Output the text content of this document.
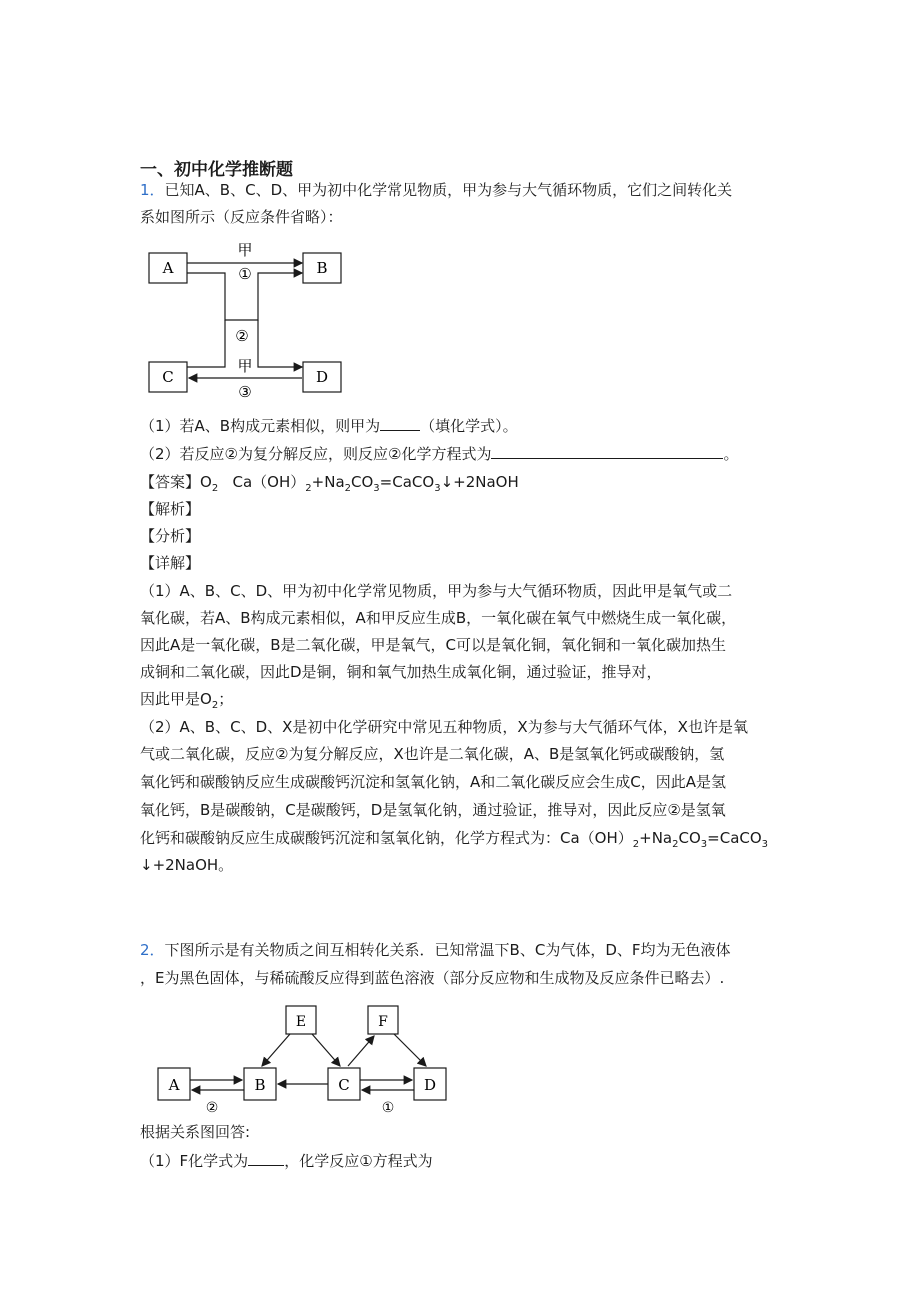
一、初中化学推断题
1．已知A、B、C、D、甲为初中化学常见物质，甲为参与大气循环物质，它们之间转化关
系如图所示（反应条件省略）：
A	B
C	D
甲
①
②
甲
③
（1）若A、B构成元素相似，则甲为	（填化学式）。
（2）若反应②为复分解反应，则反应②化学方程式为	。
【答案】$O_2$ $Ca(OH)_2+Na_2CO_3=CaCO_3↓+2NaOH$
【解析】
【分析】
【详解】
（1）A、B、C、D、甲为初中化学常见物质，甲为参与大气循环物质，因此甲是氧气或二
氧化碳，若A、B构成元素相似，A和甲反应生成B，一氧化碳在氧气中燃烧生成一氧化碳，
因此A是一氧化碳，B是二氧化碳，甲是氧气，C可以是氧化铜，氧化铜和一氧化碳加热生
成铜和二氧化碳，因此D是铜，铜和氧气加热生成氧化铜，通过验证，推导对，
因此甲是$O_2$；
（2）A、B、C、D、X是初中化学研究中常见五种物质，X为参与大气循环气体，X也许是氧
气或二氧化碳，反应②为复分解反应，X也许是二氧化碳，A、B是氢氧化钙或碳酸钠，氢
氧化钙和碳酸钠反应生成碳酸钙沉淀和氢氧化钠，A和二氧化碳反应会生成C，因此A是氢
氧化钙，B是碳酸钠，C是碳酸钙，D是氢氧化钠，通过验证，推导对，因此反应②是氢氧
化钙和碳酸钠反应生成碳酸钙沉淀和氢氧化钠，化学方程式为：$Ca(OH)_2+Na_2CO_3=CaCO_3$
↓+2NaOH。
2．下图所示是有关物质之间互相转化关系．已知常温下B、C为气体，D、F均为无色液体
，E为黑色固体，与稀硫酸反应得到蓝色溶液（部分反应物和生成物及反应条件已略去）.
E	F
A	B	C	D
②	①
根据关系图回答:
（1）F化学式为 ，化学反应①方程式为
